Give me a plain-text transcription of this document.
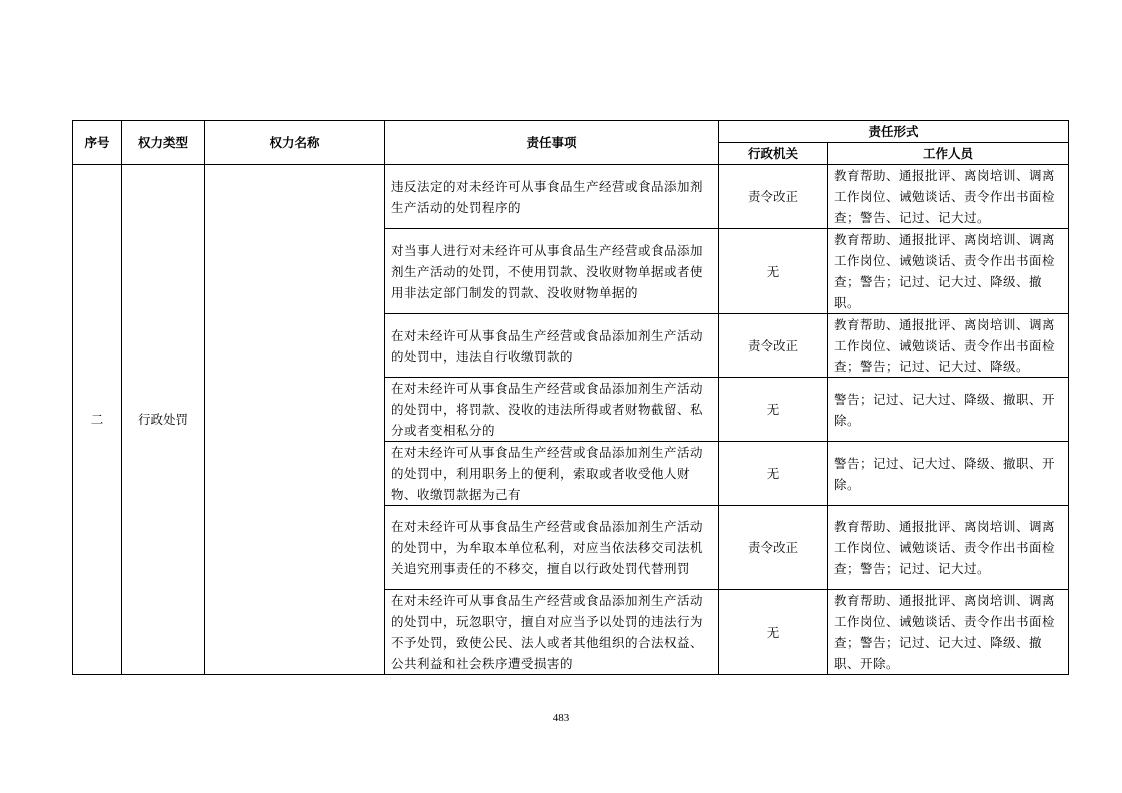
序号	权力类型	权力名称	责任事项	责任形式	
				行政机关	工作人员
二	行政处罚		违反法定的对未经许可从事食品生产经营或食品添加剂生产活动的处罚程序的	责令改正	教育帮助、通报批评、离岗培训、调离工作岗位、诫勉谈话、责令作出书面检查；警告、记过、记大过。
			对当事人进行对未经许可从事食品生产经营或食品添加剂生产活动的处罚，不使用罚款、没收财物单据或者使用非法定部门制发的罚款、没收财物单据的	无	教育帮助、通报批评、离岗培训、调离工作岗位、诫勉谈话、责令作出书面检查；警告；记过、记大过、降级、撤职。
			在对未经许可从事食品生产经营或食品添加剂生产活动的处罚中，违法自行收缴罚款的	责令改正	教育帮助、通报批评、离岗培训、调离工作岗位、诫勉谈话、责令作出书面检查；警告；记过、记大过、降级。
			在对未经许可从事食品生产经营或食品添加剂生产活动的处罚中，将罚款、没收的违法所得或者财物截留、私分或者变相私分的	无	警告；记过、记大过、降级、撤职、开除。
			在对未经许可从事食品生产经营或食品添加剂生产活动的处罚中，利用职务上的便利，索取或者收受他人财物、收缴罚款据为己有	无	警告；记过、记大过、降级、撤职、开除。
			在对未经许可从事食品生产经营或食品添加剂生产活动的处罚中，为牟取本单位私利，对应当依法移交司法机关追究刑事责任的不移交，擅自以行政处罚代替刑罚	责令改正	教育帮助、通报批评、离岗培训、调离工作岗位、诫勉谈话、责令作出书面检查；警告；记过、记大过。
			在对未经许可从事食品生产经营或食品添加剂生产活动的处罚中，玩忽职守，擅自对应当予以处罚的违法行为不予处罚，致使公民、法人或者其他组织的合法权益、公共利益和社会秩序遭受损害的	无	教育帮助、通报批评、离岗培训、调离工作岗位、诫勉谈话、责令作出书面检查；警告；记过、记大过、降级、撤职、开除。
483
